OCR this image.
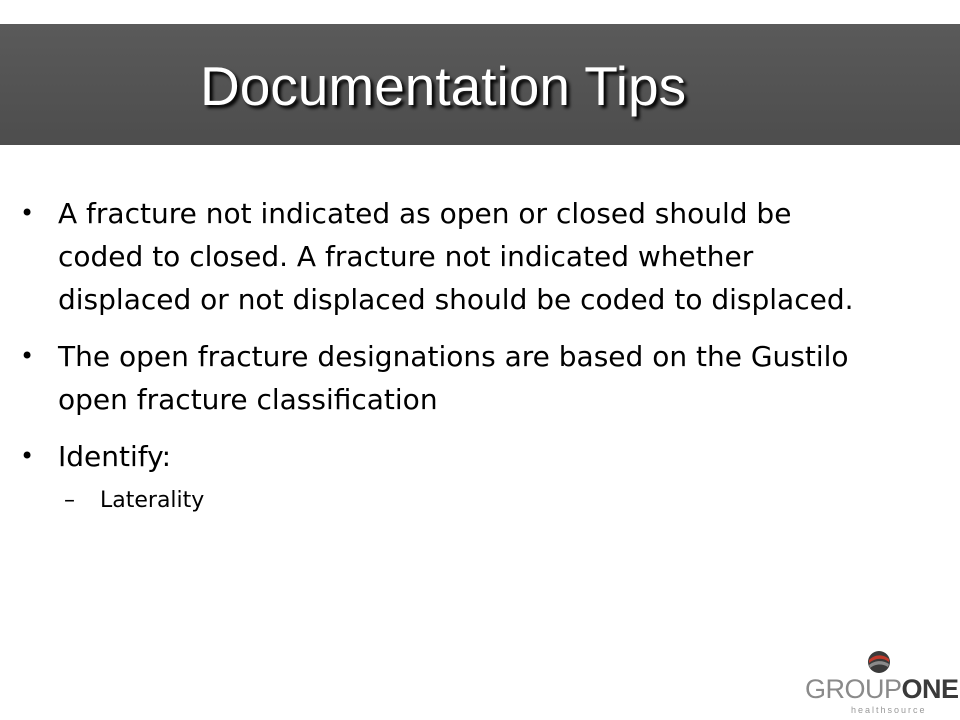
Documentation Tips
• A fracture not indicated as open or closed should be coded to closed. A fracture not indicated whether displaced or not displaced should be coded to displaced.
• The open fracture designations are based on the Gustilo open fracture classification
• Identify:
– Laterality
GROUPONE
healthsource
